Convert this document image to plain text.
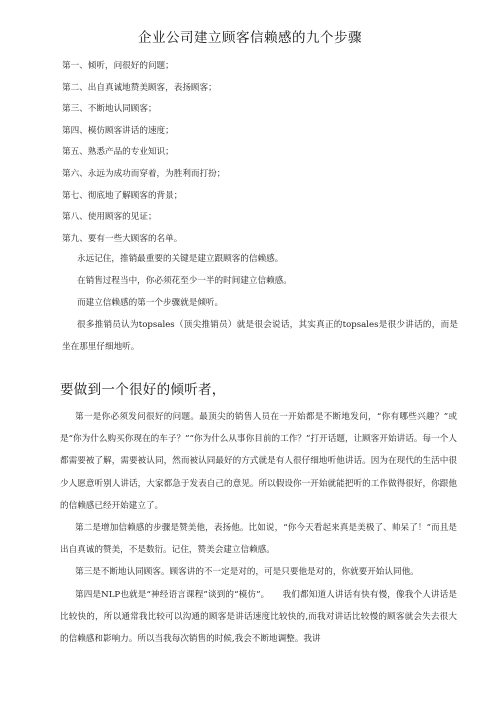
企业公司建立顾客信赖感的九个步骤
第一、倾听，问很好的问题；
第二、出自真诚地赞美顾客，表扬顾客；
第三、不断地认同顾客；
第四、模仿顾客讲话的速度；
第五、熟悉产品的专业知识；
第六、永远为成功而穿着，为胜利而打扮；
第七、彻底地了解顾客的背景；
第八、使用顾客的见证；
第九、要有一些大顾客的名单。

永远记住，推销最重要的关键是建立跟顾客的信赖感。

在销售过程当中，你必须花至少一半的时间建立信赖感。

而建立信赖感的第一个步骤就是倾听。

很多推销员认为topsales（顶尖推销员）就是很会说话，其实真正的topsales是很少讲话的，而是坐在那里仔细地听。

要做到一个很好的倾听者，

第一是你必须发问很好的问题。最顶尖的销售人员在一开始都是不断地发问，“你有哪些兴趣？”或是“你为什么购买你现在的车子？”“你为什么从事你目前的工作？”打开话题，让顾客开始讲话。每一个人都需要被了解，需要被认同，然而被认同最好的方式就是有人很仔细地听他讲话。因为在现代的生活中很少人愿意听别人讲话，大家都急于发表自己的意见。所以假设你一开始就能把听的工作做得很好，你跟他的信赖感已经开始建立了。

第二是增加信赖感的步骤是赞美他，表扬他。比如说，“你今天看起来真是美极了、帅呆了！”而且是出自真诚的赞美，不是数衍。记住，赞美会建立信赖感。

第三是不断地认同顾客。顾客讲的不一定是对的，可是只要他是对的，你就要开始认同他。

第四是NLP也就是“神经语言课程”谈到的“模仿”。　　我们都知道人讲话有快有慢，像我个人讲话是比较快的，所以通常我比较可以沟通的顾客是讲话速度比较快的,而我对讲话比较慢的顾客就会失去很大的信赖感和影响力。所以当我每次销售的时候,我会不断地调整。我讲
